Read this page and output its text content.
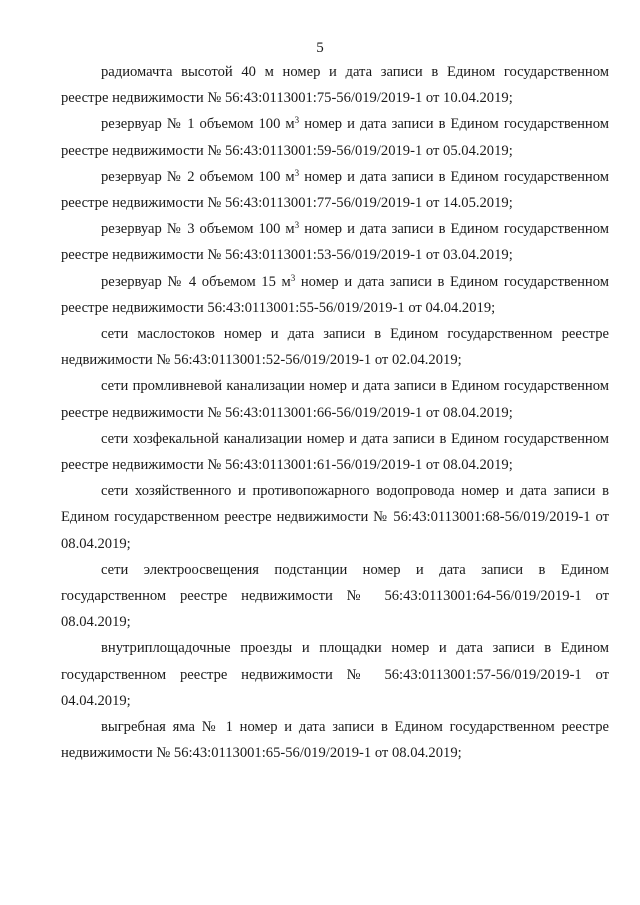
5

радиомачта высотой 40 м номер и дата записи в Едином государственном реестре недвижимости № 56:43:0113001:75-56/019/2019-1 от 10.04.2019;

резервуар № 1 объемом 100 $м^3$ номер и дата записи в Едином государственном реестре недвижимости № 56:43:0113001:59-56/019/2019-1 от 05.04.2019;

резервуар № 2 объемом 100 $м^3$ номер и дата записи в Едином государственном реестре недвижимости № 56:43:0113001:77-56/019/2019-1 от 14.05.2019;

резервуар № 3 объемом 100 $м^3$ номер и дата записи в Едином государственном реестре недвижимости № 56:43:0113001:53-56/019/2019-1 от 03.04.2019;

резервуар № 4 объемом 15 $м^3$ номер и дата записи в Едином государственном реестре недвижимости 56:43:0113001:55-56/019/2019-1 от 04.04.2019;

сети маслостоков номер и дата записи в Едином государственном реестре недвижимости № 56:43:0113001:52-56/019/2019-1 от 02.04.2019;

сети промливневой канализации номер и дата записи в Едином государственном реестре недвижимости № 56:43:0113001:66-56/019/2019-1 от 08.04.2019;

сети хозфекальной канализации номер и дата записи в Едином государственном реестре недвижимости № 56:43:0113001:61-56/019/2019-1 от 08.04.2019;

сети хозяйственного и противопожарного водопровода номер и дата записи в Едином государственном реестре недвижимости № 56:43:0113001:68-56/019/2019-1 от 08.04.2019;

сети электроосвещения подстанции номер и дата записи в Едином государственном реестре недвижимости № 56:43:0113001:64-56/019/2019-1 от 08.04.2019;

внутриплощадочные проезды и площадки номер и дата записи в Едином государственном реестре недвижимости № 56:43:0113001:57-56/019/2019-1 от 04.04.2019;

выгребная яма № 1 номер и дата записи в Едином государственном реестре недвижимости № 56:43:0113001:65-56/019/2019-1 от 08.04.2019;
